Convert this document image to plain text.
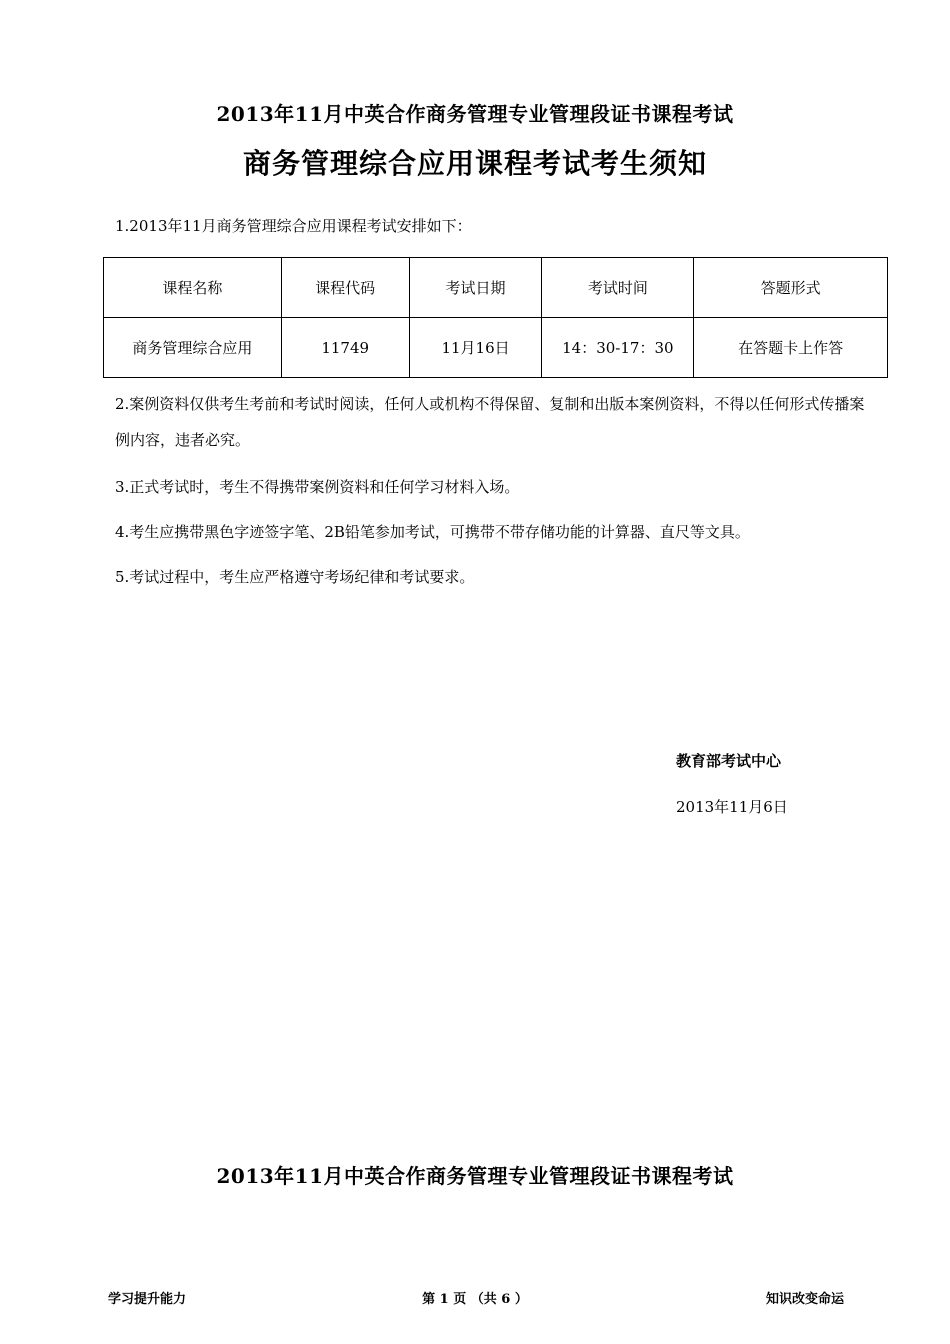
2013年11月中英合作商务管理专业管理段证书课程考试
商务管理综合应用课程考试考生须知
1.2013年11月商务管理综合应用课程考试安排如下：
课程名称	课程代码	考试日期	考试时间	答题形式
商务管理综合应用	11749	11月16日	14：30-17：30	在答题卡上作答
2.案例资料仅供考生考前和考试时阅读，任何人或机构不得保留、复制和出版本案例资料，不得以任何形式传播案例内容，违者必究。
3.正式考试时，考生不得携带案例资料和任何学习材料入场。
4.考生应携带黑色字迹签字笔、2B铅笔参加考试，可携带不带存储功能的计算器、直尺等文具。
5.考试过程中，考生应严格遵守考场纪律和考试要求。
教育部考试中心
2013年11月6日
2013年11月中英合作商务管理专业管理段证书课程考试
学习提升能力	第 1 页 （共 6 ）	知识改变命运
